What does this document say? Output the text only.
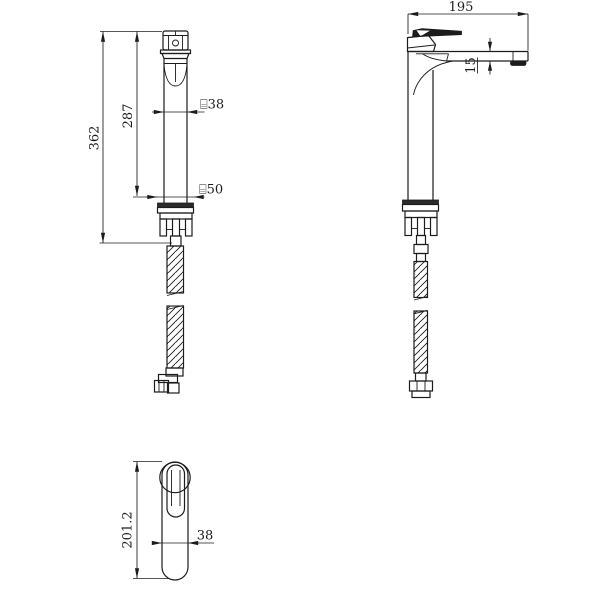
362
287	⌸38
⌸50
195
15
201.2	38
